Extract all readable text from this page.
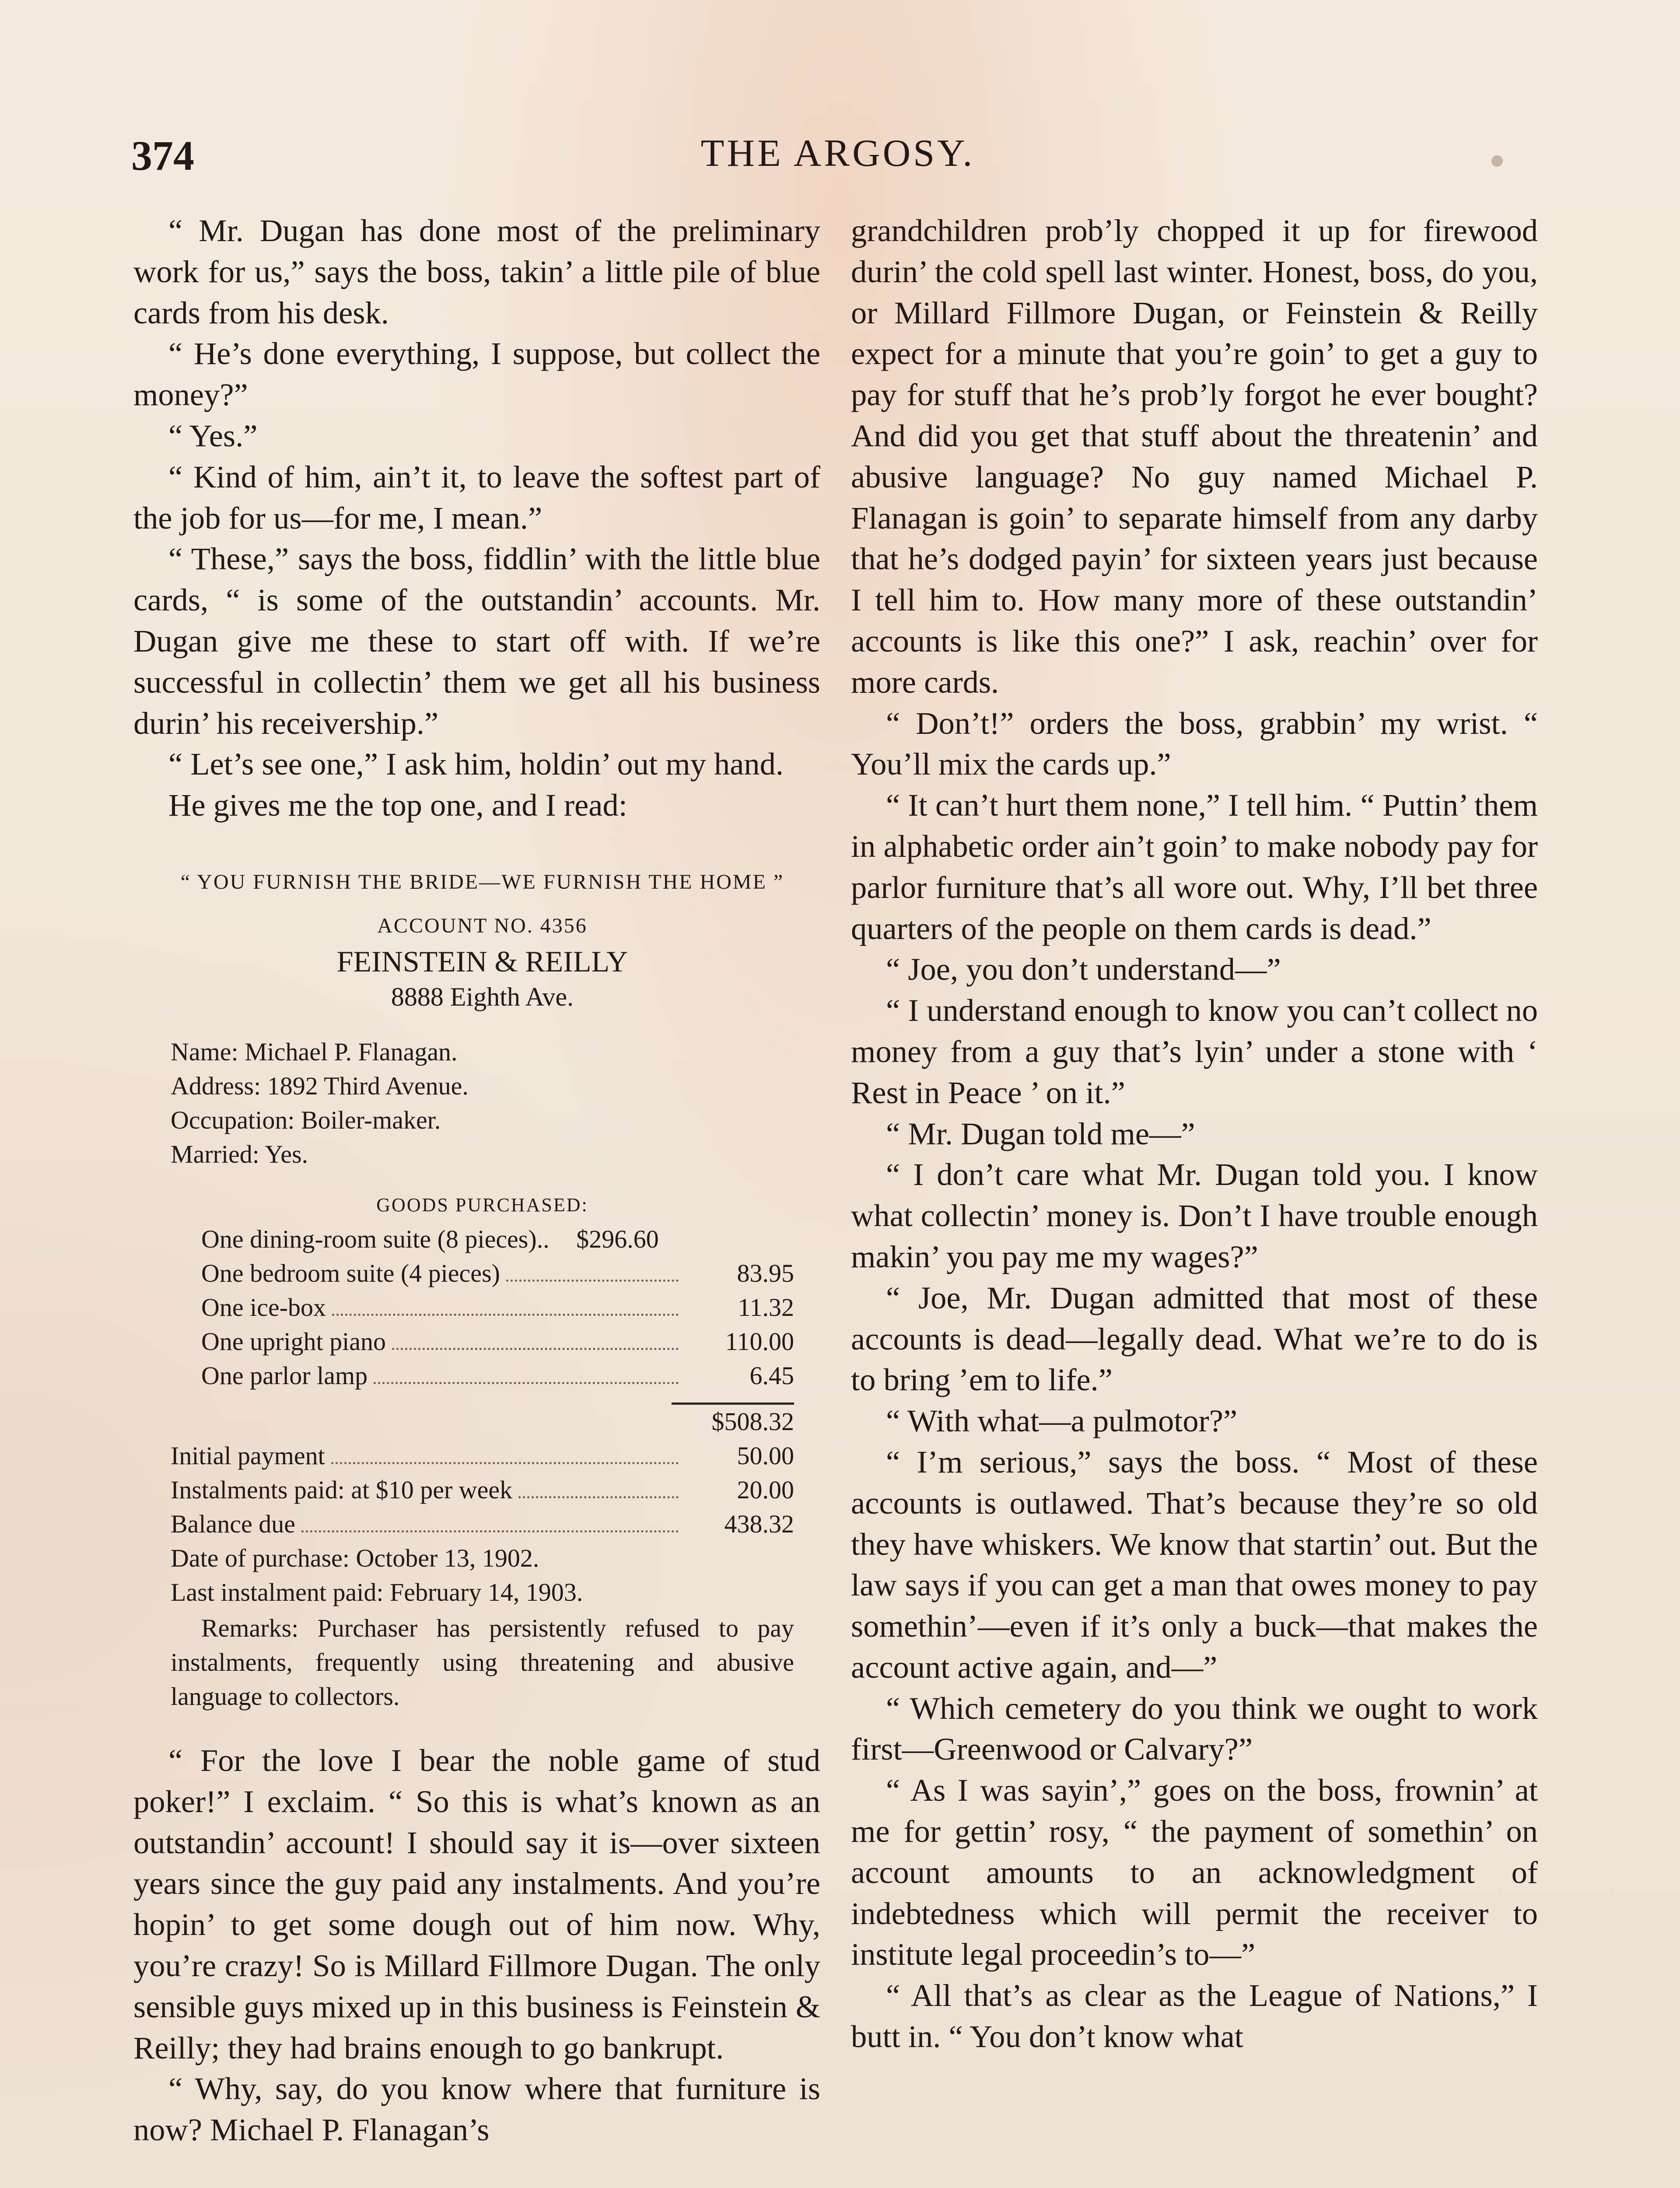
374	THE ARGOSY.

“ Mr. Dugan has done most of the preliminary work for us,” says the boss, takin’ a little pile of blue cards from his desk.

“ He’s done everything, I suppose, but collect the money?”

“ Yes.”

“ Kind of him, ain’t it, to leave the softest part of the job for us—for me, I mean.”

“ These,” says the boss, fiddlin’ with the little blue cards, “ is some of the outstandin’ accounts. Mr. Dugan give me these to start off with. If we’re successful in collectin’ them we get all his business durin’ his receivership.”

“ Let’s see one,” I ask him, holdin’ out my hand.

He gives me the top one, and I read:

“ YOU FURNISH THE BRIDE—WE FURNISH THE HOME ”
ACCOUNT NO. 4356
FEINSTEIN & REILLY
8888 Eighth Ave.
Name: Michael P. Flanagan.
Address: 1892 Third Avenue.
Occupation: Boiler-maker.
Married: Yes.
GOODS PURCHASED:
One dining-room suite (8 pieces)..	$296.60
One bedroom suite (4 pieces)	83.95
One ice-box	11.32
One upright piano	110.00
One parlor lamp	6.45
$508.32
Initial payment	50.00
Instalments paid: at $10 per week	20.00
Balance due	438.32
Date of purchase: October 13, 1902.
Last instalment paid: February 14, 1903.
Remarks: Purchaser has persistently refused to pay instalments, frequently using threatening and abusive language to collectors.

“ For the love I bear the noble game of stud poker!” I exclaim. “ So this is what’s known as an outstandin’ account! I should say it is—over sixteen years since the guy paid any instalments. And you’re hopin’ to get some dough out of him now. Why, you’re crazy! So is Millard Fillmore Dugan. The only sensible guys mixed up in this business is Feinstein & Reilly; they had brains enough to go bankrupt.

“ Why, say, do you know where that furniture is now? Michael P. Flanagan’s

grandchildren prob’ly chopped it up for firewood durin’ the cold spell last winter. Honest, boss, do you, or Millard Fillmore Dugan, or Feinstein & Reilly expect for a minute that you’re goin’ to get a guy to pay for stuff that he’s prob’ly forgot he ever bought? And did you get that stuff about the threatenin’ and abusive language? No guy named Michael P. Flanagan is goin’ to separate himself from any darby that he’s dodged payin’ for sixteen years just because I tell him to. How many more of these outstandin’ accounts is like this one?” I ask, reachin’ over for more cards.

“ Don’t!” orders the boss, grabbin’ my wrist. “ You’ll mix the cards up.”

“ It can’t hurt them none,” I tell him. “ Puttin’ them in alphabetic order ain’t goin’ to make nobody pay for parlor furniture that’s all wore out. Why, I’ll bet three quarters of the people on them cards is dead.”

“ Joe, you don’t understand—”

“ I understand enough to know you can’t collect no money from a guy that’s lyin’ under a stone with ‘ Rest in Peace ’ on it.”

“ Mr. Dugan told me—”

“ I don’t care what Mr. Dugan told you. I know what collectin’ money is. Don’t I have trouble enough makin’ you pay me my wages?”

“ Joe, Mr. Dugan admitted that most of these accounts is dead—legally dead. What we’re to do is to bring ’em to life.”

“ With what—a pulmotor?”

“ I’m serious,” says the boss. “ Most of these accounts is outlawed. That’s because they’re so old they have whiskers. We know that startin’ out. But the law says if you can get a man that owes money to pay somethin’—even if it’s only a buck—that makes the account active again, and—”

“ Which cemetery do you think we ought to work first—Greenwood or Calvary?”

“ As I was sayin’,” goes on the boss, frownin’ at me for gettin’ rosy, “ the payment of somethin’ on account amounts to an acknowledgment of indebtedness which will permit the receiver to institute legal proceedin’s to—”

“ All that’s as clear as the League of Nations,” I butt in. “ You don’t know what
